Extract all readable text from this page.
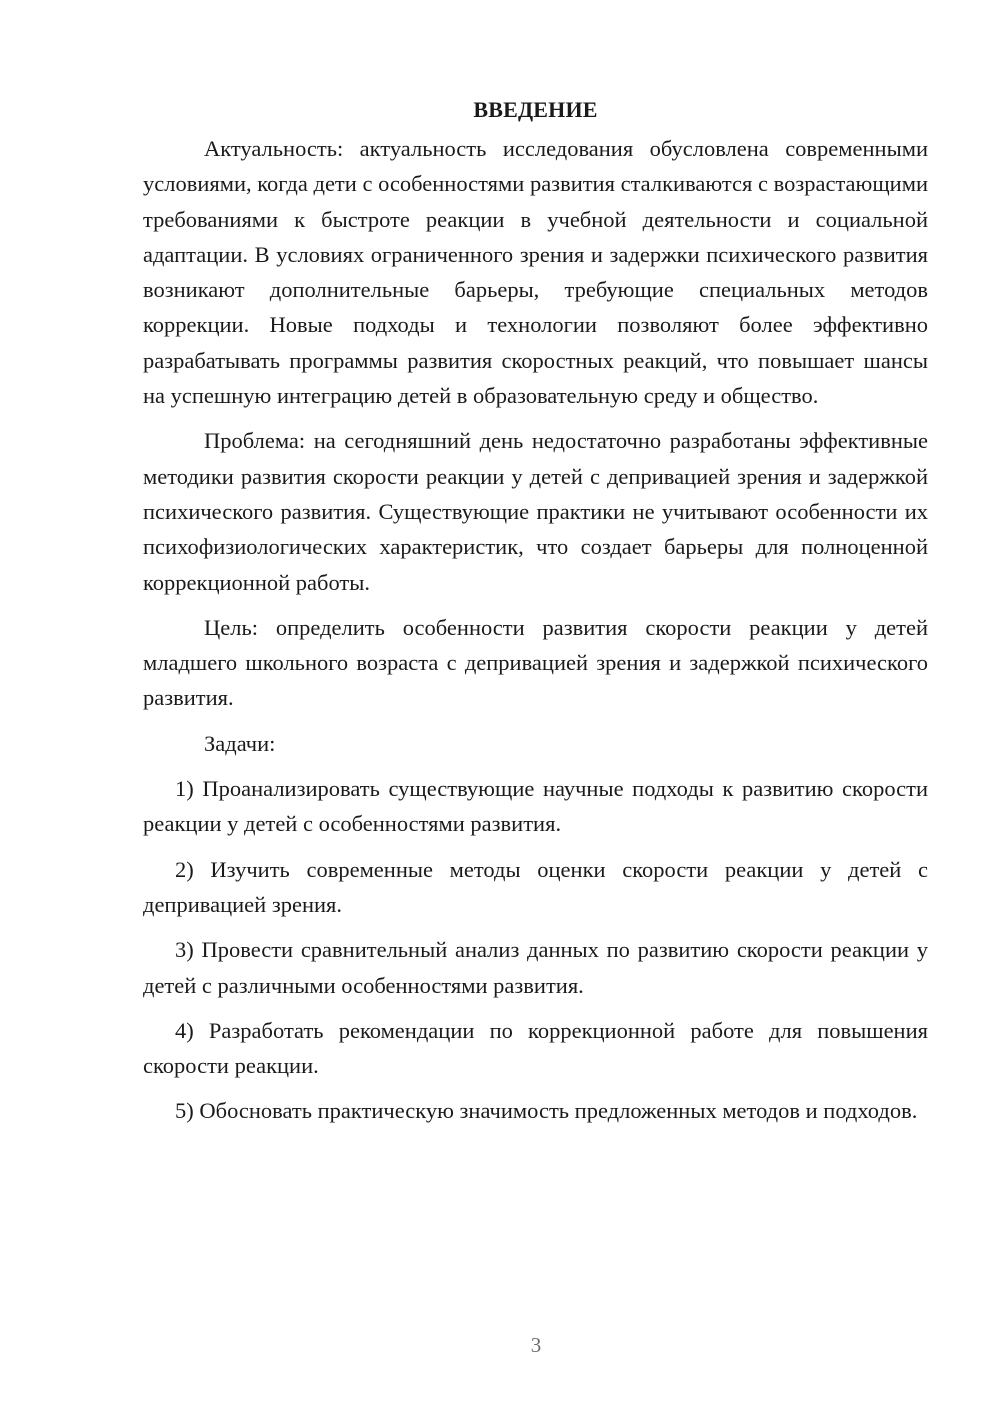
ВВЕДЕНИЕ

Актуальность: актуальность исследования обусловлена современными условиями, когда дети с особенностями развития сталкиваются с возрастающими требованиями к быстроте реакции в учебной деятельности и социальной адаптации. В условиях ограниченного зрения и задержки психического развития возникают дополнительные барьеры, требующие специальных методов коррекции. Новые подходы и технологии позволяют более эффективно разрабатывать программы развития скоростных реакций, что повышает шансы на успешную интеграцию детей в образовательную среду и общество.

Проблема: на сегодняшний день недостаточно разработаны эффективные методики развития скорости реакции у детей с депривацией зрения и задержкой психического развития. Существующие практики не учитывают особенности их психофизиологических характеристик, что создает барьеры для полноценной коррекционной работы.

Цель: определить особенности развития скорости реакции у детей младшего школьного возраста с депривацией зрения и задержкой психического развития.

Задачи:

1) Проанализировать существующие научные подходы к развитию скорости реакции у детей с особенностями развития.

2) Изучить современные методы оценки скорости реакции у детей с депривацией зрения.

3) Провести сравнительный анализ данных по развитию скорости реакции у детей с различными особенностями развития.

4) Разработать рекомендации по коррекционной работе для повышения скорости реакции.

5) Обосновать практическую значимость предложенных методов и подходов.

3
